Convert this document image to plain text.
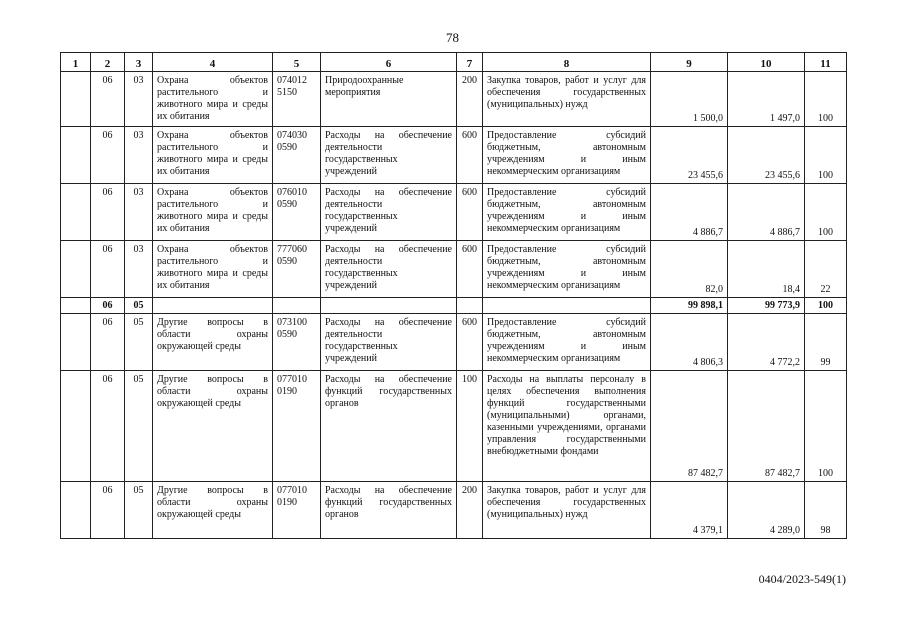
78
1	2	3	4	5	6	7	8	9	10	11
	06	03	Охрана объектов растительного и животного мира и среды их обитания	074012 5150	Природоохранные мероприятия	200	Закупка товаров, работ и услуг для обеспечения государственных (муниципальных) нужд	1 500,0	1 497,0	100
	06	03	Охрана объектов растительного и животного мира и среды их обитания	074030 0590	Расходы на обеспечение деятельности государственных учреждений	600	Предоставление субсидий бюджетным, автономным учреждениям и иным некоммерческим организациям	23 455,6	23 455,6	100
	06	03	Охрана объектов растительного и животного мира и среды их обитания	076010 0590	Расходы на обеспечение деятельности государственных учреждений	600	Предоставление субсидий бюджетным, автономным учреждениям и иным некоммерческим организациям	4 886,7	4 886,7	100
	06	03	Охрана объектов растительного и животного мира и среды их обитания	777060 0590	Расходы на обеспечение деятельности государственных учреждений	600	Предоставление субсидий бюджетным, автономным учреждениям и иным некоммерческим организациям	82,0	18,4	22
	06	05						99 898,1	99 773,9	100
	06	05	Другие вопросы в области охраны окружающей среды	073100 0590	Расходы на обеспечение деятельности государственных учреждений	600	Предоставление субсидий бюджетным, автономным учреждениям и иным некоммерческим организациям	4 806,3	4 772,2	99
	06	05	Другие вопросы в области охраны окружающей среды	077010 0190	Расходы на обеспечение функций государственных органов	100	Расходы на выплаты персоналу в целях обеспечения выполнения функций государственными (муниципальными) органами, казенными учреждениями, органами управления государственными внебюджетными фондами	87 482,7	87 482,7	100
	06	05	Другие вопросы в области охраны окружающей среды	077010 0190	Расходы на обеспечение функций государственных органов	200	Закупка товаров, работ и услуг для обеспечения государственных (муниципальных) нужд	4 379,1	4 289,0	98
0404/2023-549(1)
